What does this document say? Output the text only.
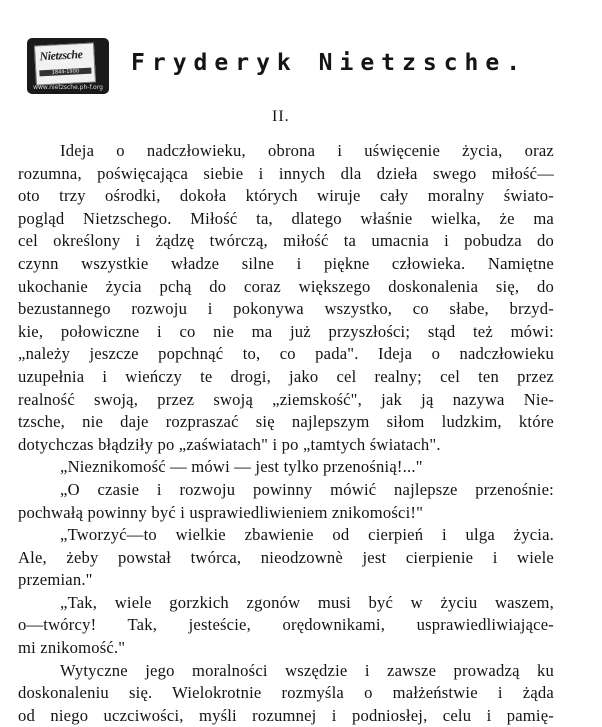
Nietzsche
1844-1900
www.nietzsche.ph-f.org
Fryderyk Nietzsche.
II.

Ideja o nadczłowieku, obrona i uświęcenie życia, oraz

rozumna, poświęcająca siebie i innych dla dzieła swego miłość—

oto trzy ośrodki, dokoła których wiruje cały moralny świato-

pogląd Nietzschego. Miłość ta, dlatego właśnie wielka, że ma

cel określony i żądzę twórczą, miłość ta umacnia i pobudza do

czynn wszystkie władze silne i piękne człowieka. Namiętne

ukochanie życia pchą do coraz większego doskonalenia się, do

bezustannego rozwoju i pokonywa wszystko, co słabe, brzyd-

kie, połowiczne i co nie ma już przyszłości; stąd też mówi:

„należy jeszcze popchnąć to, co pada". Ideja o nadczłowieku

uzupełnia i wieńczy te drogi, jako cel realny; cel ten przez

realność swoją, przez swoją „ziemskość", jak ją nazywa Nie-

tzsche, nie daje rozpraszać się najlepszym siłom ludzkim, które

dotychczas błądziły po „zaświatach" i po „tamtych światach".

„Nieznikomość — mówi — jest tylko przenośnią!..."

„O czasie i rozwoju powinny mówić najlepsze przenośnie:

pochwałą powinny być i usprawiedliwieniem znikomości!"

„Tworzyć—to wielkie zbawienie od cierpień i ulga życia.

Ale, żeby powstał twórca, nieodzownè jest cierpienie i wiele

przemian."

„Tak, wiele gorzkich zgonów musi być w życiu waszem,

o—twórcy! Tak, jesteście, orędownikami, usprawiedliwiające-

mi znikomość."

Wytyczne jego moralności wszędzie i zawsze prowadzą ku

doskonaleniu się. Wielokrotnie rozmyśla o małżeństwie i żąda

od niego uczciwości, myśli rozumnej i podniosłej, celu i pamię-
